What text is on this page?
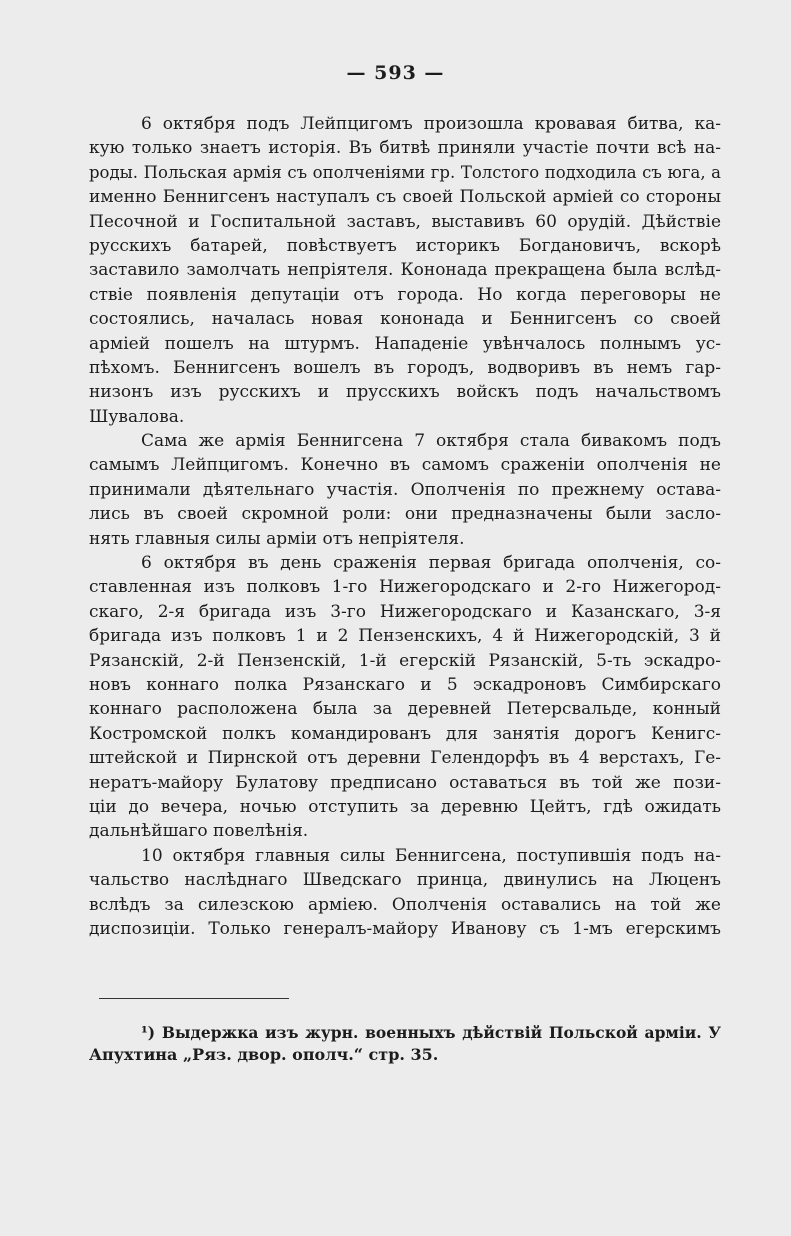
— 593 —
6 октября подъ Лейпцигомъ произошла кровавая битва, ка-
кую только знаетъ исторія. Въ битвѣ приняли участіе почти всѣ на-
роды. Польская армія съ ополченіями гр. Толстого подходила съ юга, а
именно Беннигсенъ наступалъ съ своей Польской арміей со стороны
Песочной и Госпитальной заставъ, выставивъ 60 орудій. Дѣйствіе
русскихъ батарей, повѣствуетъ историкъ Богдановичъ, вскорѣ
заставило замолчать непріятеля. Кононада прекращена была вслѣд-
ствіе появленія депутаціи отъ города. Но когда переговоры не
состоялись, началась новая кононада и Беннигсенъ со своей
арміей пошелъ на штурмъ. Нападеніе увѣнчалось полнымъ ус-
пѣхомъ. Беннигсенъ вошелъ въ городъ, водворивъ въ немъ гар-
низонъ изъ русскихъ и прусскихъ войскъ подъ начальствомъ
Шувалова.
Сама же армія Беннигсена 7 октября стала бивакомъ подъ
самымъ Лейпцигомъ. Конечно въ самомъ сраженіи ополченія не
принимали дѣятельнаго участія. Ополченія по прежнему остава-
лись въ своей скромной роли: они предназначены были заслo-
нять главныя силы арміи отъ непріятеля.
6 октября въ день сраженія первая бригада ополченія, со-
ставленная изъ полковъ 1-го Нижегородскаго и 2-го Нижегород-
скаго, 2-я бригада изъ 3-го Нижегородскаго и Казанскаго, 3-я
бригада изъ полковъ 1 и 2 Пензенскихъ, 4 й Нижегородскій, 3 й
Рязанскій, 2-й Пензенскій, 1-й егерскій Рязанскій, 5-ть эскадро-
новъ коннаго полка Рязанскаго и 5 эскадроновъ Симбирскаго
коннаго расположена была за деревней Петерсвальде, конный
Костромской полкъ командированъ для занятія дорогъ Кенигс-
штейской и Пирнской отъ деревни Гелендорфъ въ 4 верстахъ, Ге-
нератъ-майору Булатову предписано оставаться въ той же пози-
ціи до вечера, ночью отступить за деревню Цейтъ, гдѣ ожидать
дальнѣйшаго повелѣнія.
10 октября главныя силы Беннигсена, поступившія подъ на-
чальство наслѣднаго Шведскаго принца, двинулись на Люценъ
вслѣдъ за силезскою арміею. Ополченія оставались на той же
диспозиціи. Только генералъ-майору Иванову съ 1-мъ егерскимъ
¹) Выдержка изъ журн. военныхъ дѣйствій Польской арміи. У
Апухтина „Ряз. двор. ополч.“ стр. 35.
